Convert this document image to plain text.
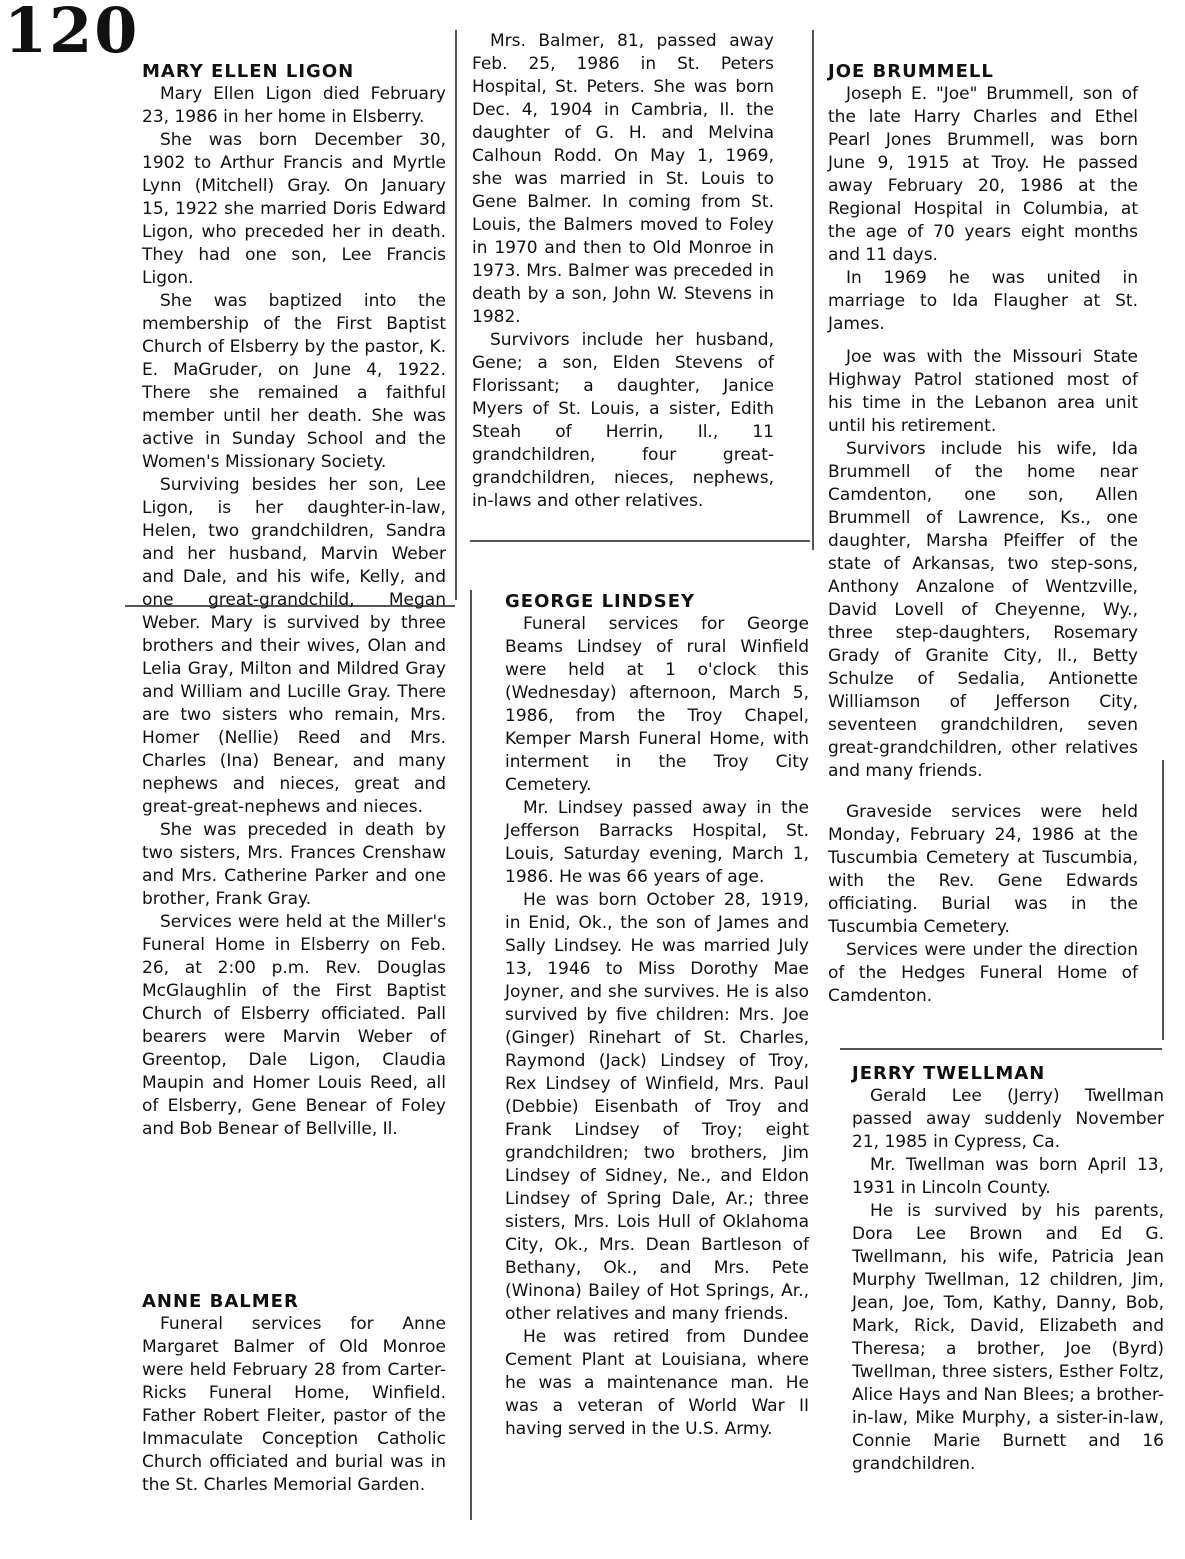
120
MARY ELLEN LIGON

Mary Ellen Ligon died February 23, 1986 in her home in Elsberry.

She was born December 30, 1902 to Arthur Francis and Myrtle Lynn (Mitchell) Gray. On January 15, 1922 she married Doris Edward Ligon, who preceded her in death. They had one son, Lee Francis Ligon.

She was baptized into the membership of the First Baptist Church of Elsberry by the pastor, K. E. MaGruder, on June 4, 1922. There she remained a faithful member until her death. She was active in Sunday School and the Women's Missionary Society.

Surviving besides her son, Lee Ligon, is her daughter-in-law, Helen, two grandchildren, Sandra and her husband, Marvin Weber and Dale, and his wife, Kelly, and one great-grandchild, Megan Weber. Mary is survived by three brothers and their wives, Olan and Lelia Gray, Milton and Mildred Gray and William and Lucille Gray. There are two sisters who remain, Mrs. Homer (Nellie) Reed and Mrs. Charles (Ina) Benear, and many nephews and nieces, great and great-great-nephews and nieces.

She was preceded in death by two sisters, Mrs. Frances Crenshaw and Mrs. Catherine Parker and one brother, Frank Gray.

Services were held at the Miller's Funeral Home in Elsberry on Feb. 26, at 2:00 p.m. Rev. Douglas McGlaughlin of the First Baptist Church of Elsberry officiated. Pall bearers were Marvin Weber of Greentop, Dale Ligon, Claudia Maupin and Homer Louis Reed, all of Elsberry, Gene Benear of Foley and Bob Benear of Bellville, Il.

ANNE BALMER

Funeral services for Anne Margaret Balmer of Old Monroe were held February 28 from Carter-Ricks Funeral Home, Winfield. Father Robert Fleiter, pastor of the Immaculate Conception Catholic Church officiated and burial was in the St. Charles Memorial Garden.

Mrs. Balmer, 81, passed away Feb. 25, 1986 in St. Peters Hospital, St. Peters. She was born Dec. 4, 1904 in Cambria, Il. the daughter of G. H. and Melvina Calhoun Rodd. On May 1, 1969, she was married in St. Louis to Gene Balmer. In coming from St. Louis, the Balmers moved to Foley in 1970 and then to Old Monroe in 1973. Mrs. Balmer was preceded in death by a son, John W. Stevens in 1982.

Survivors include her husband, Gene; a son, Elden Stevens of Florissant; a daughter, Janice Myers of St. Louis, a sister, Edith Steah of Herrin, Il., 11 grandchildren, four great-grandchildren, nieces, nephews, in-laws and other relatives.

GEORGE LINDSEY

Funeral services for George Beams Lindsey of rural Winfield were held at 1 o'clock this (Wednesday) afternoon, March 5, 1986, from the Troy Chapel, Kemper Marsh Funeral Home, with interment in the Troy City Cemetery.

Mr. Lindsey passed away in the Jefferson Barracks Hospital, St. Louis, Saturday evening, March 1, 1986. He was 66 years of age.

He was born October 28, 1919, in Enid, Ok., the son of James and Sally Lindsey. He was married July 13, 1946 to Miss Dorothy Mae Joyner, and she survives. He is also survived by five children: Mrs. Joe (Ginger) Rinehart of St. Charles, Raymond (Jack) Lindsey of Troy, Rex Lindsey of Winfield, Mrs. Paul (Debbie) Eisenbath of Troy and Frank Lindsey of Troy; eight grandchildren; two brothers, Jim Lindsey of Sidney, Ne., and Eldon Lindsey of Spring Dale, Ar.; three sisters, Mrs. Lois Hull of Oklahoma City, Ok., Mrs. Dean Bartleson of Bethany, Ok., and Mrs. Pete (Winona) Bailey of Hot Springs, Ar., other relatives and many friends.

He was retired from Dundee Cement Plant at Louisiana, where he was a maintenance man. He was a veteran of World War II having served in the U.S. Army.

JOE BRUMMELL

Joseph E. "Joe" Brummell, son of the late Harry Charles and Ethel Pearl Jones Brummell, was born June 9, 1915 at Troy. He passed away February 20, 1986 at the Regional Hospital in Columbia, at the age of 70 years eight months and 11 days.

In 1969 he was united in marriage to Ida Flaugher at St. James.

Joe was with the Missouri State Highway Patrol stationed most of his time in the Lebanon area unit until his retirement.

Survivors include his wife, Ida Brummell of the home near Camdenton, one son, Allen Brummell of Lawrence, Ks., one daughter, Marsha Pfeiffer of the state of Arkansas, two step-sons, Anthony Anzalone of Wentzville, David Lovell of Cheyenne, Wy., three step-daughters, Rosemary Grady of Granite City, Il., Betty Schulze of Sedalia, Antionette Williamson of Jefferson City, seventeen grandchildren, seven great-grandchildren, other relatives and many friends.

Graveside services were held Monday, February 24, 1986 at the Tuscumbia Cemetery at Tuscumbia, with the Rev. Gene Edwards officiating. Burial was in the Tuscumbia Cemetery.

Services were under the direction of the Hedges Funeral Home of Camdenton.

JERRY TWELLMAN

Gerald Lee (Jerry) Twellman passed away suddenly November 21, 1985 in Cypress, Ca.

Mr. Twellman was born April 13, 1931 in Lincoln County.

He is survived by his parents, Dora Lee Brown and Ed G. Twellmann, his wife, Patricia Jean Murphy Twellman, 12 children, Jim, Jean, Joe, Tom, Kathy, Danny, Bob, Mark, Rick, David, Elizabeth and Theresa; a brother, Joe (Byrd) Twellman, three sisters, Esther Foltz, Alice Hays and Nan Blees; a brother-in-law, Mike Murphy, a sister-in-law, Connie Marie Burnett and 16 grandchildren.
